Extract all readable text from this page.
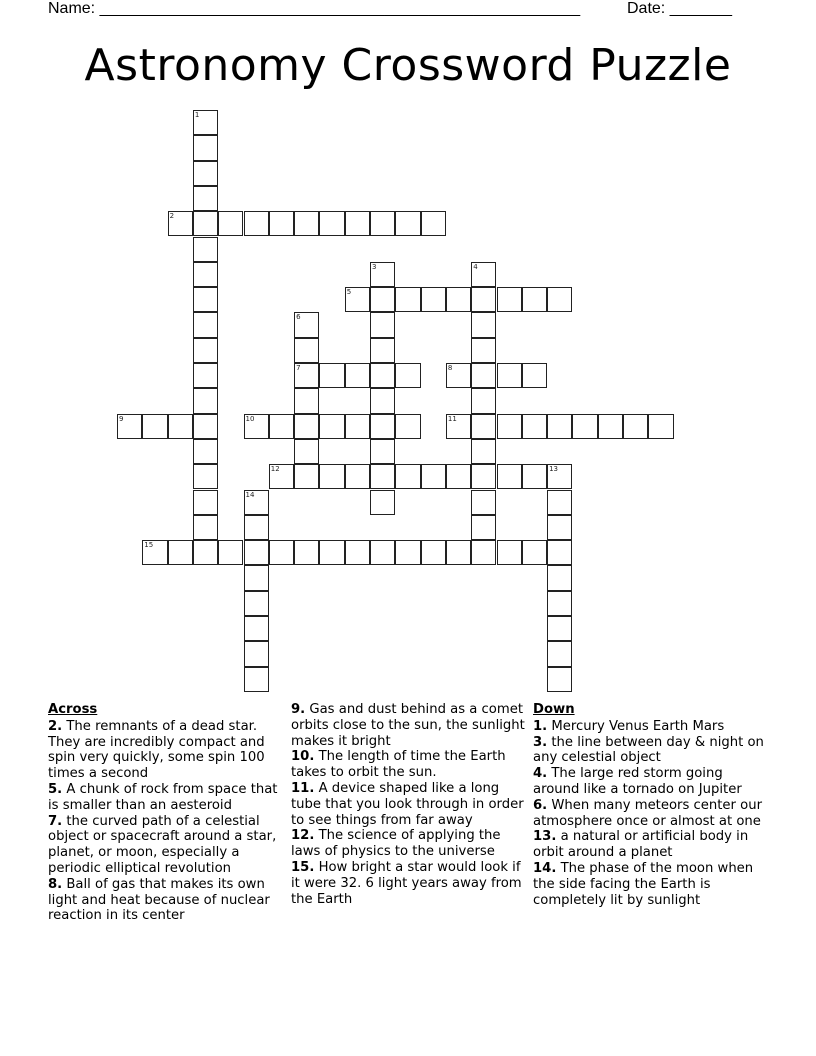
Name: ______________________________________________________	Date: _______
Astronomy Crossword Puzzle
1
2
3	4
5
6
7	8
9	10	11
12	13
14
15
Across
2. The remnants of a dead star. They are incredibly compact and spin very quickly, some spin 100 times a second
5. A chunk of rock from space that is smaller than an aesteroid
7. the curved path of a celestial object or spacecraft around a star, planet, or moon, especially a periodic elliptical revolution
8. Ball of gas that makes its own light and heat because of nuclear reaction in its center
9. Gas and dust behind as a comet orbits close to the sun, the sunlight makes it bright
10. The length of time the Earth takes to orbit the sun.
11. A device shaped like a long tube that you look through in order to see things from far away
12. The science of applying the laws of physics to the universe
15. How bright a star would look if it were 32. 6 light years away from the Earth
Down
1. Mercury Venus Earth Mars
3. the line between day & night on any celestial object
4. The large red storm going around like a tornado on Jupiter
6. When many meteors center our atmosphere once or almost at one
13. a natural or artificial body in orbit around a planet
14. The phase of the moon when the side facing the Earth is completely lit by sunlight
